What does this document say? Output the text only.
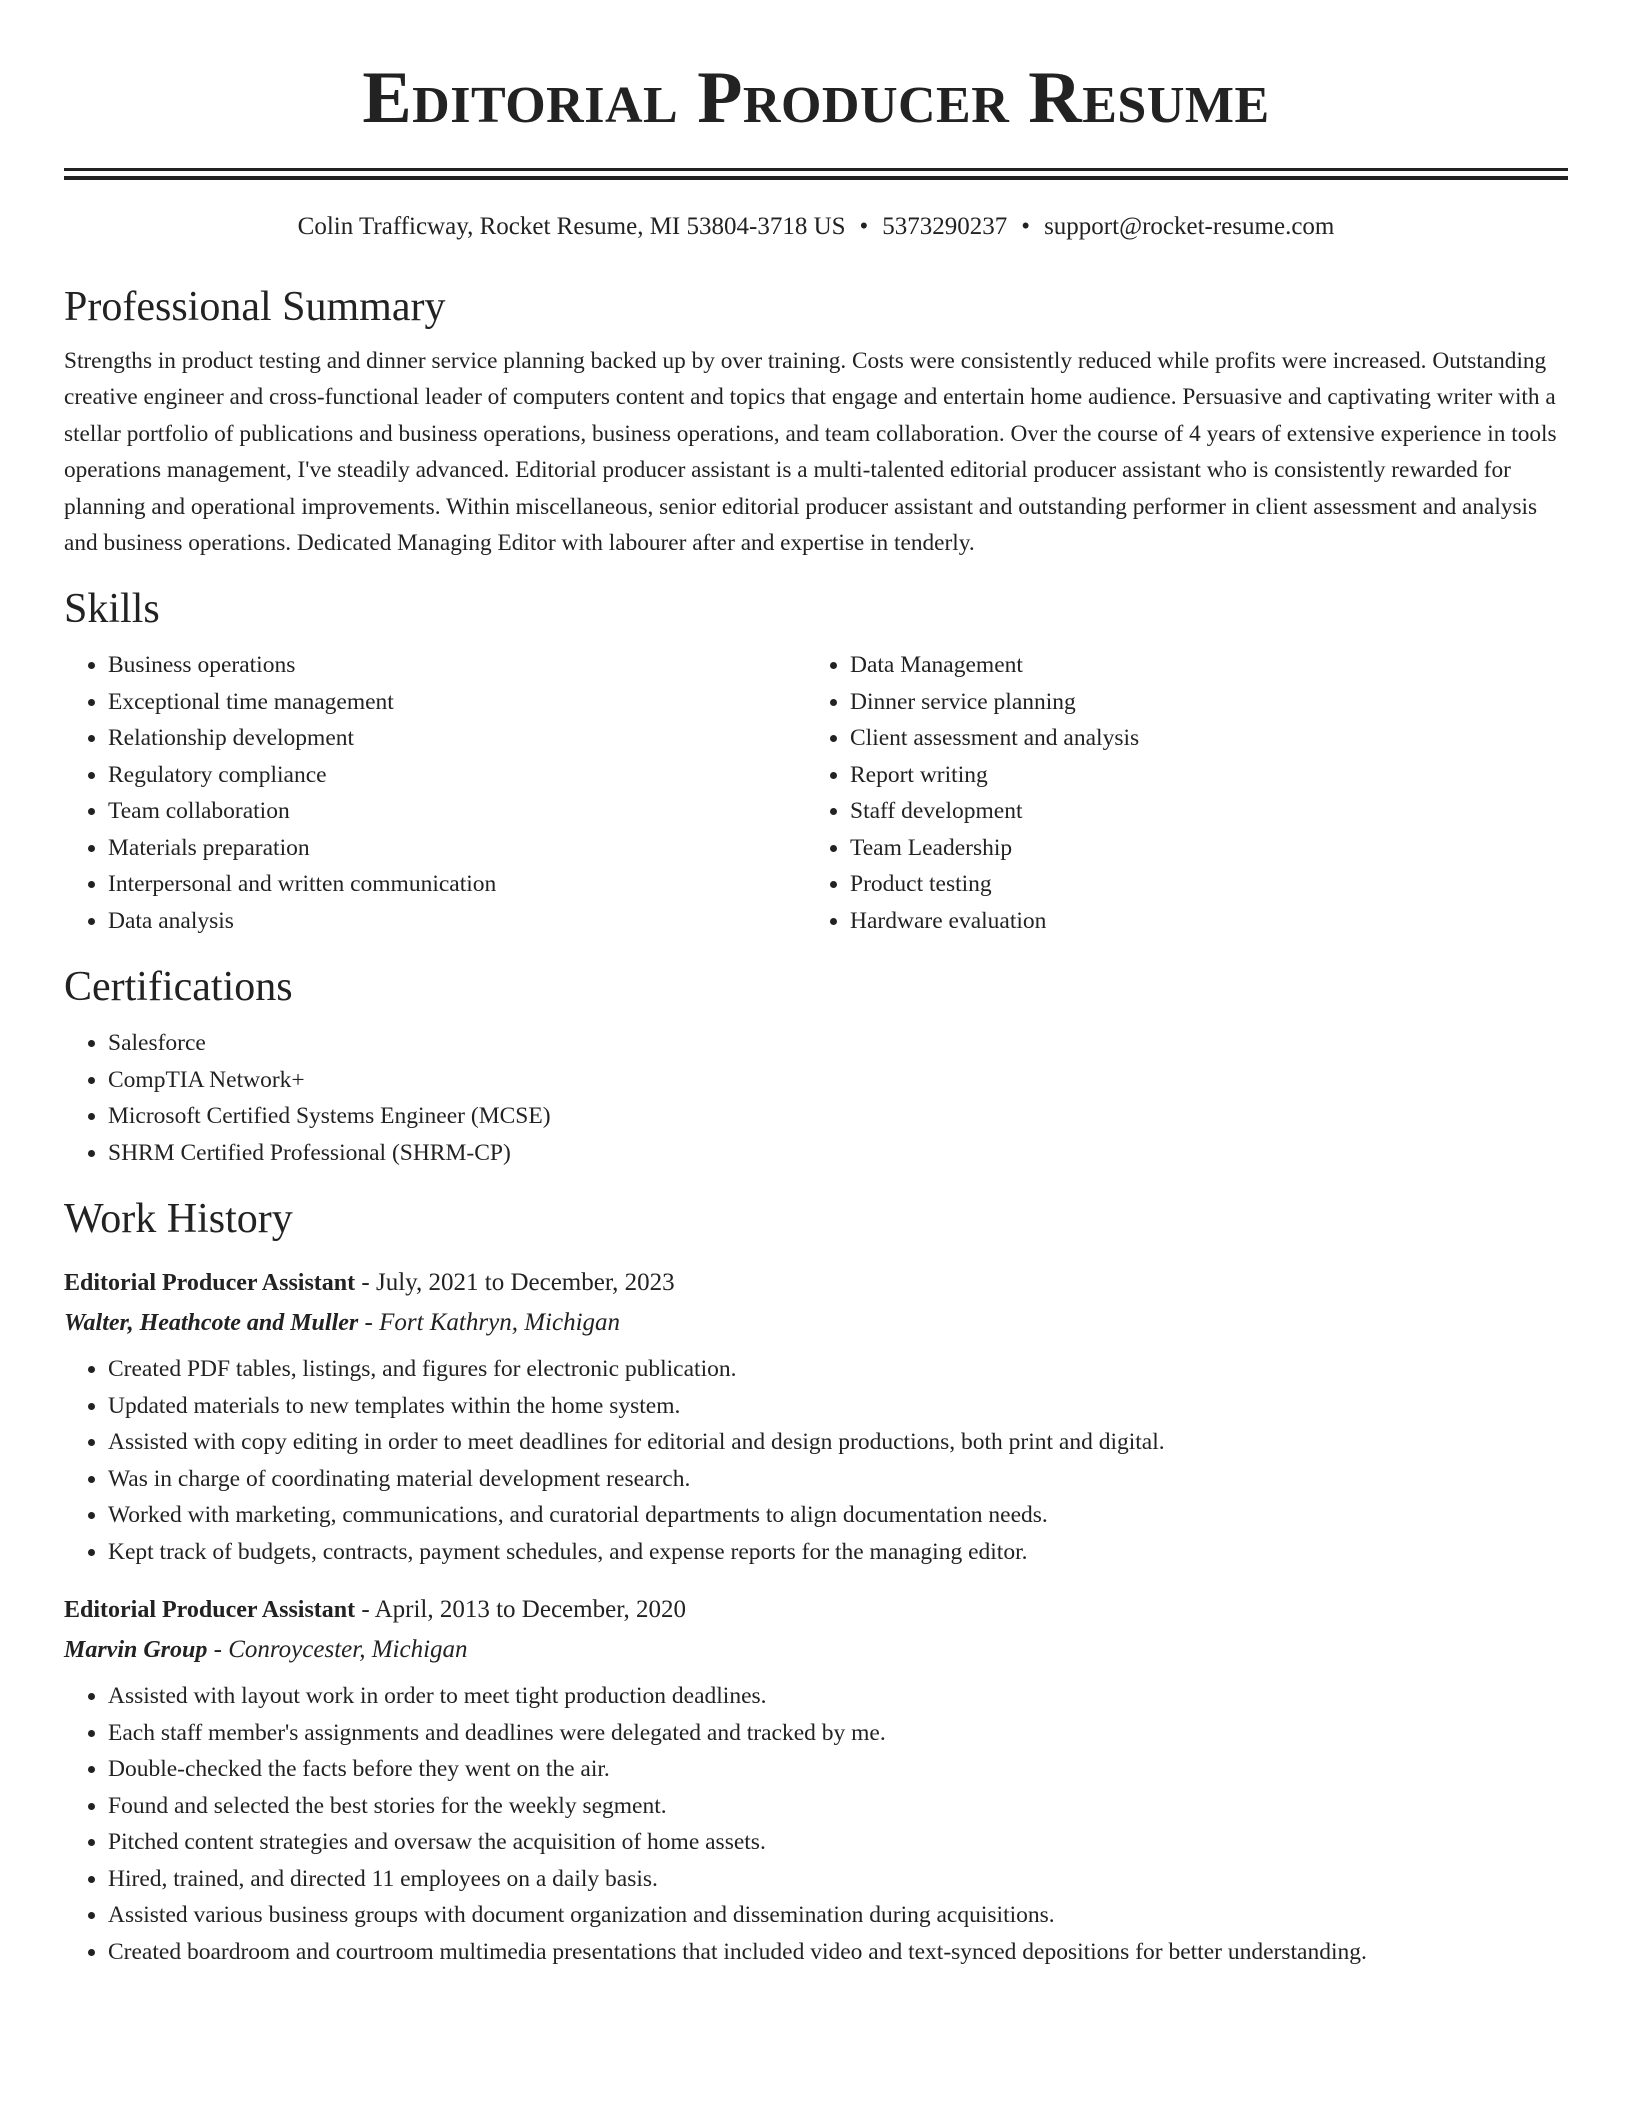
Editorial Producer Resume
Colin Trafficway, Rocket Resume, MI 53804-3718 US • 5373290237 • support@rocket-resume.com
Professional Summary

Strengths in product testing and dinner service planning backed up by over training. Costs were consistently reduced while profits were increased. Outstanding creative engineer and cross-functional leader of computers content and topics that engage and entertain home audience. Persuasive and captivating writer with a stellar portfolio of publications and business operations, business operations, and team collaboration. Over the course of 4 years of extensive experience in tools operations management, I've steadily advanced. Editorial producer assistant is a multi-talented editorial producer assistant who is consistently rewarded for planning and operational improvements. Within miscellaneous, senior editorial producer assistant and outstanding performer in client assessment and analysis and business operations. Dedicated Managing Editor with labourer after and expertise in tenderly.

Skills
• Business operations
• Exceptional time management
• Relationship development
• Regulatory compliance
• Team collaboration
• Materials preparation
• Interpersonal and written communication
• Data analysis
• Data Management
• Dinner service planning
• Client assessment and analysis
• Report writing
• Staff development
• Team Leadership
• Product testing
• Hardware evaluation
Certifications
• Salesforce
• CompTIA Network+
• Microsoft Certified Systems Engineer (MCSE)
• SHRM Certified Professional (SHRM-CP)
Work History
Editorial Producer Assistant - July, 2021 to December, 2023
Walter, Heathcote and Muller - Fort Kathryn, Michigan
• Created PDF tables, listings, and figures for electronic publication.
• Updated materials to new templates within the home system.
• Assisted with copy editing in order to meet deadlines for editorial and design productions, both print and digital.
• Was in charge of coordinating material development research.
• Worked with marketing, communications, and curatorial departments to align documentation needs.
• Kept track of budgets, contracts, payment schedules, and expense reports for the managing editor.
Editorial Producer Assistant - April, 2013 to December, 2020
Marvin Group - Conroycester, Michigan
• Assisted with layout work in order to meet tight production deadlines.
• Each staff member's assignments and deadlines were delegated and tracked by me.
• Double-checked the facts before they went on the air.
• Found and selected the best stories for the weekly segment.
• Pitched content strategies and oversaw the acquisition of home assets.
• Hired, trained, and directed 11 employees on a daily basis.
• Assisted various business groups with document organization and dissemination during acquisitions.
• Created boardroom and courtroom multimedia presentations that included video and text-synced depositions for better understanding.
